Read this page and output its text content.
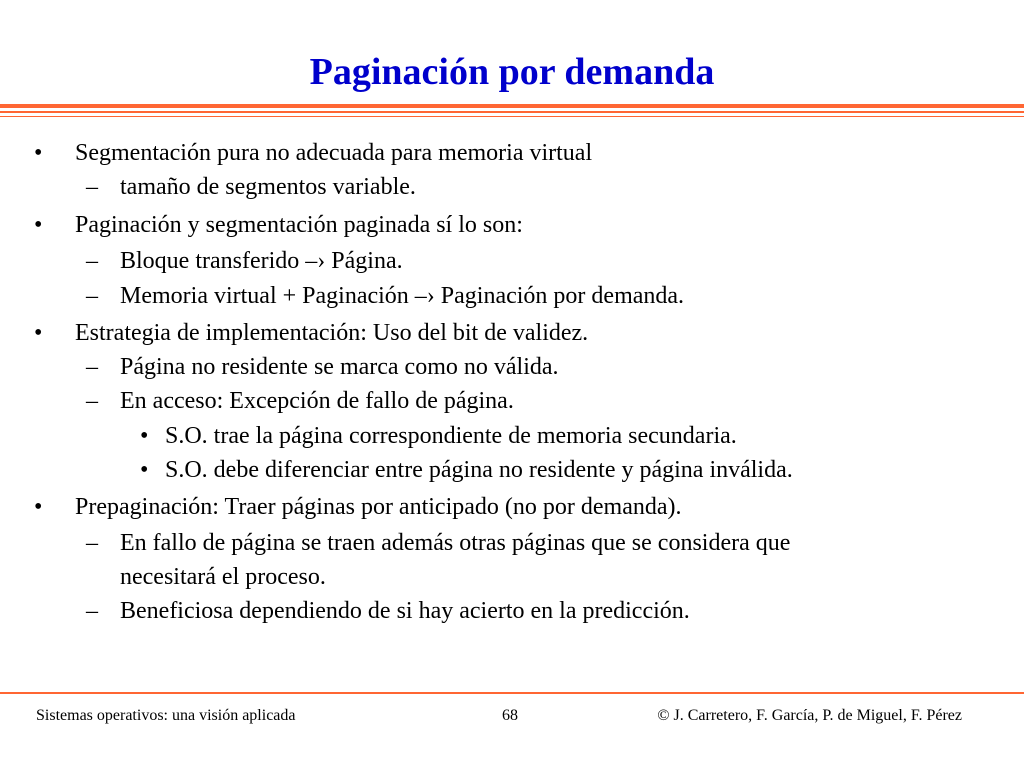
Paginación por demanda
• Segmentación pura no adecuada para memoria virtual
– tamaño de segmentos variable.
• Paginación y segmentación paginada sí lo son:
– Bloque transferido –› Página.
– Memoria virtual + Paginación –› Paginación por demanda.
• Estrategia de implementación: Uso del bit de validez.
– Página no residente se marca como no válida.
– En acceso: Excepción de fallo de página.
• S.O. trae la página correspondiente de memoria secundaria.
• S.O. debe diferenciar entre página no residente y página inválida.
• Prepaginación: Traer páginas por anticipado (no por demanda).
– En fallo de página se traen además otras páginas que se considera que
necesitará el proceso.
– Beneficiosa dependiendo de si hay acierto en la predicción.
Sistemas operativos: una visión aplicada	68	© J. Carretero, F. García, P. de Miguel, F. Pérez
